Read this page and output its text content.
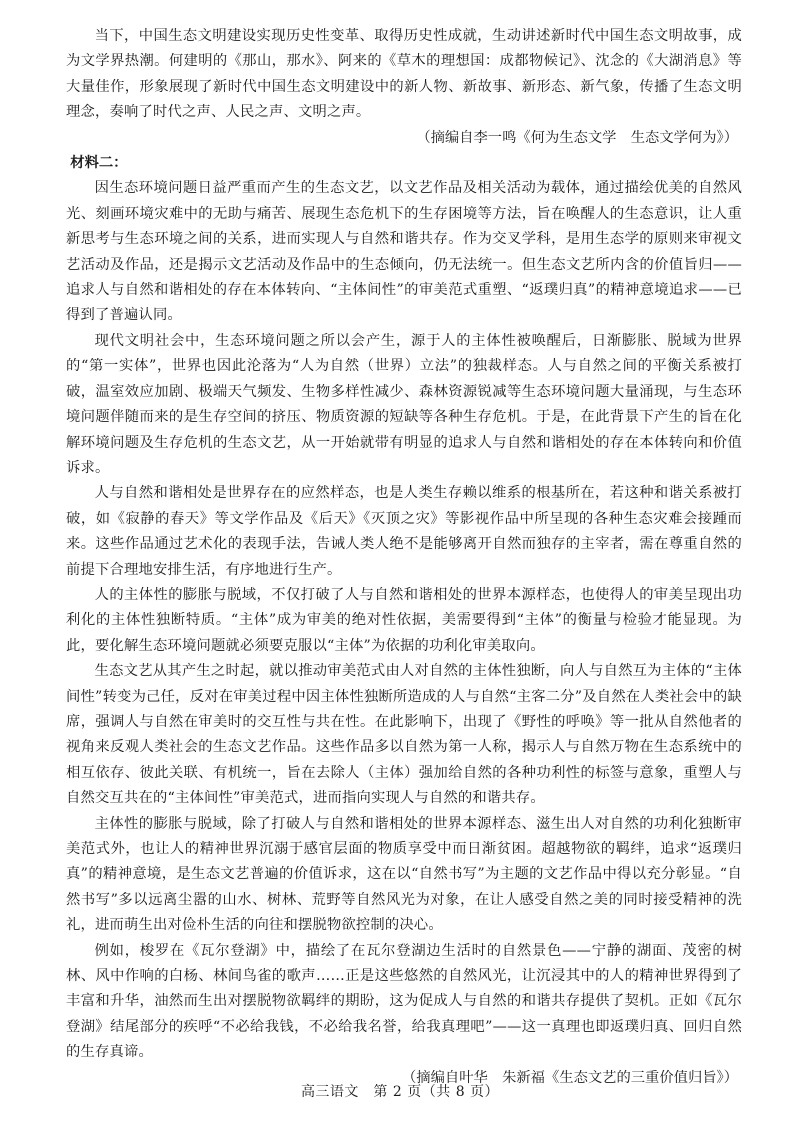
当下，中国生态文明建设实现历史性变革、取得历史性成就，生动讲述新时代中国生态文明故事，成为文学界热潮。何建明的《那山，那水》、阿来的《草木的理想国：成都物候记》、沈念的《大湖消息》等大量佳作，形象展现了新时代中国生态文明建设中的新人物、新故事、新形态、新气象，传播了生态文明理念，奏响了时代之声、人民之声、文明之声。

（摘编自李一鸣《何为生态文学　生态文学何为》）

材料二：

因生态环境问题日益严重而产生的生态文艺，以文艺作品及相关活动为载体，通过描绘优美的自然风光、刻画环境灾难中的无助与痛苦、展现生态危机下的生存困境等方法，旨在唤醒人的生态意识，让人重新思考与生态环境之间的关系，进而实现人与自然和谐共存。作为交叉学科，是用生态学的原则来审视文艺活动及作品，还是揭示文艺活动及作品中的生态倾向，仍无法统一。但生态文艺所内含的价值旨归——追求人与自然和谐相处的存在本体转向、“主体间性”的审美范式重塑、“返璞归真”的精神意境追求——已得到了普遍认同。

现代文明社会中，生态环境问题之所以会产生，源于人的主体性被唤醒后，日渐膨胀、脱域为世界的“第一实体”，世界也因此沦落为“人为自然（世界）立法”的独裁样态。人与自然之间的平衡关系被打破，温室效应加剧、极端天气频发、生物多样性减少、森林资源锐减等生态环境问题大量涌现，与生态环境问题伴随而来的是生存空间的挤压、物质资源的短缺等各种生存危机。于是，在此背景下产生的旨在化解环境问题及生存危机的生态文艺，从一开始就带有明显的追求人与自然和谐相处的存在本体转向和价值诉求。

人与自然和谐相处是世界存在的应然样态，也是人类生存赖以维系的根基所在，若这种和谐关系被打破，如《寂静的春天》等文学作品及《后天》《灭顶之灾》等影视作品中所呈现的各种生态灾难会接踵而来。这些作品通过艺术化的表现手法，告诫人类人绝不是能够离开自然而独存的主宰者，需在尊重自然的前提下合理地安排生活，有序地进行生产。

人的主体性的膨胀与脱域，不仅打破了人与自然和谐相处的世界本源样态，也使得人的审美呈现出功利化的主体性独断特质。“主体”成为审美的绝对性依据，美需要得到“主体”的衡量与检验才能显现。为此，要化解生态环境问题就必须要克服以“主体”为依据的功利化审美取向。

生态文艺从其产生之时起，就以推动审美范式由人对自然的主体性独断，向人与自然互为主体的“主体间性”转变为己任，反对在审美过程中因主体性独断所造成的人与自然“主客二分”及自然在人类社会中的缺席，强调人与自然在审美时的交互性与共在性。在此影响下，出现了《野性的呼唤》等一批从自然他者的视角来反观人类社会的生态文艺作品。这些作品多以自然为第一人称，揭示人与自然万物在生态系统中的相互依存、彼此关联、有机统一，旨在去除人（主体）强加给自然的各种功利性的标签与意象，重塑人与自然交互共在的“主体间性”审美范式，进而指向实现人与自然的和谐共存。

主体性的膨胀与脱域，除了打破人与自然和谐相处的世界本源样态、滋生出人对自然的功利化独断审美范式外，也让人的精神世界沉溺于感官层面的物质享受中而日渐贫困。超越物欲的羁绊，追求“返璞归真”的精神意境，是生态文艺普遍的价值诉求，这在以“自然书写”为主题的文艺作品中得以充分彰显。“自然书写”多以远离尘嚣的山水、树林、荒野等自然风光为对象，在让人感受自然之美的同时接受精神的洗礼，进而萌生出对俭朴生活的向往和摆脱物欲控制的决心。

例如，梭罗在《瓦尔登湖》中，描绘了在瓦尔登湖边生活时的自然景色——宁静的湖面、茂密的树林、风中作响的白杨、林间鸟雀的歌声……正是这些悠然的自然风光，让沉浸其中的人的精神世界得到了丰富和升华，油然而生出对摆脱物欲羁绊的期盼，这为促成人与自然的和谐共存提供了契机。正如《瓦尔登湖》结尾部分的疾呼“不必给我钱，不必给我名誉，给我真理吧”——这一真理也即返璞归真、回归自然的生存真谛。

（摘编自叶华　朱新福《生态文艺的三重价值归旨》）

高三语文　第 2 页（共 8 页）
